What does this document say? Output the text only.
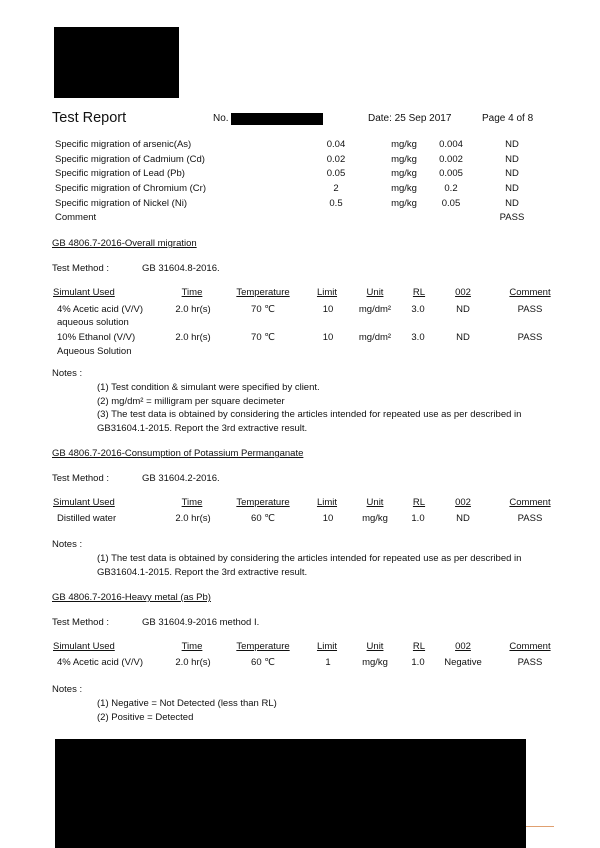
Test Report	No.	Date: 25 Sep 2017	Page 4 of 8
Specific migration of arsenic(As)	0.04	mg/kg	0.004	ND
Specific migration of Cadmium (Cd)	0.02	mg/kg	0.002	ND
Specific migration of Lead (Pb)	0.05	mg/kg	0.005	ND
Specific migration of Chromium (Cr)	2	mg/kg	0.2	ND
Specific migration of Nickel (Ni)	0.5	mg/kg	0.05	ND
Comment	PASS
GB 4806.7-2016-Overall migration
Test Method :	GB 31604.8-2016.
Simulant Used	Time	Temperature	Limit	Unit	RL	002	Comment
4% Acetic acid (V/V)
aqueous solution
2.0 hr(s)	70 ℃	10	mg/dm²	3.0	ND	PASS
10% Ethanol (V/V)
Aqueous Solution
2.0 hr(s)	70 ℃	10	mg/dm²	3.0	ND	PASS
Notes :
(1) Test condition & simulant were specified by client.
(2) mg/dm² = milligram per square decimeter
(3) The test data is obtained by considering the articles intended for repeated use as per described in
GB31604.1-2015. Report the 3rd extractive result.
GB 4806.7-2016-Consumption of Potassium Permanganate
Test Method :	GB 31604.2-2016.
Simulant Used	Time	Temperature	Limit	Unit	RL	002	Comment
Distilled water	2.0 hr(s)	60 ℃	10	mg/kg	1.0	ND	PASS
Notes :
(1) The test data is obtained by considering the articles intended for repeated use as per described in
GB31604.1-2015. Report the 3rd extractive result.
GB 4806.7-2016-Heavy metal (as Pb)
Test Method :	GB 31604.9-2016 method I.
Simulant Used	Time	Temperature	Limit	Unit	RL	002	Comment
4% Acetic acid (V/V)	2.0 hr(s)	60 ℃	1	mg/kg	1.0	Negative	PASS
Notes :
(1) Negative = Not Detected (less than RL)
(2) Positive = Detected
